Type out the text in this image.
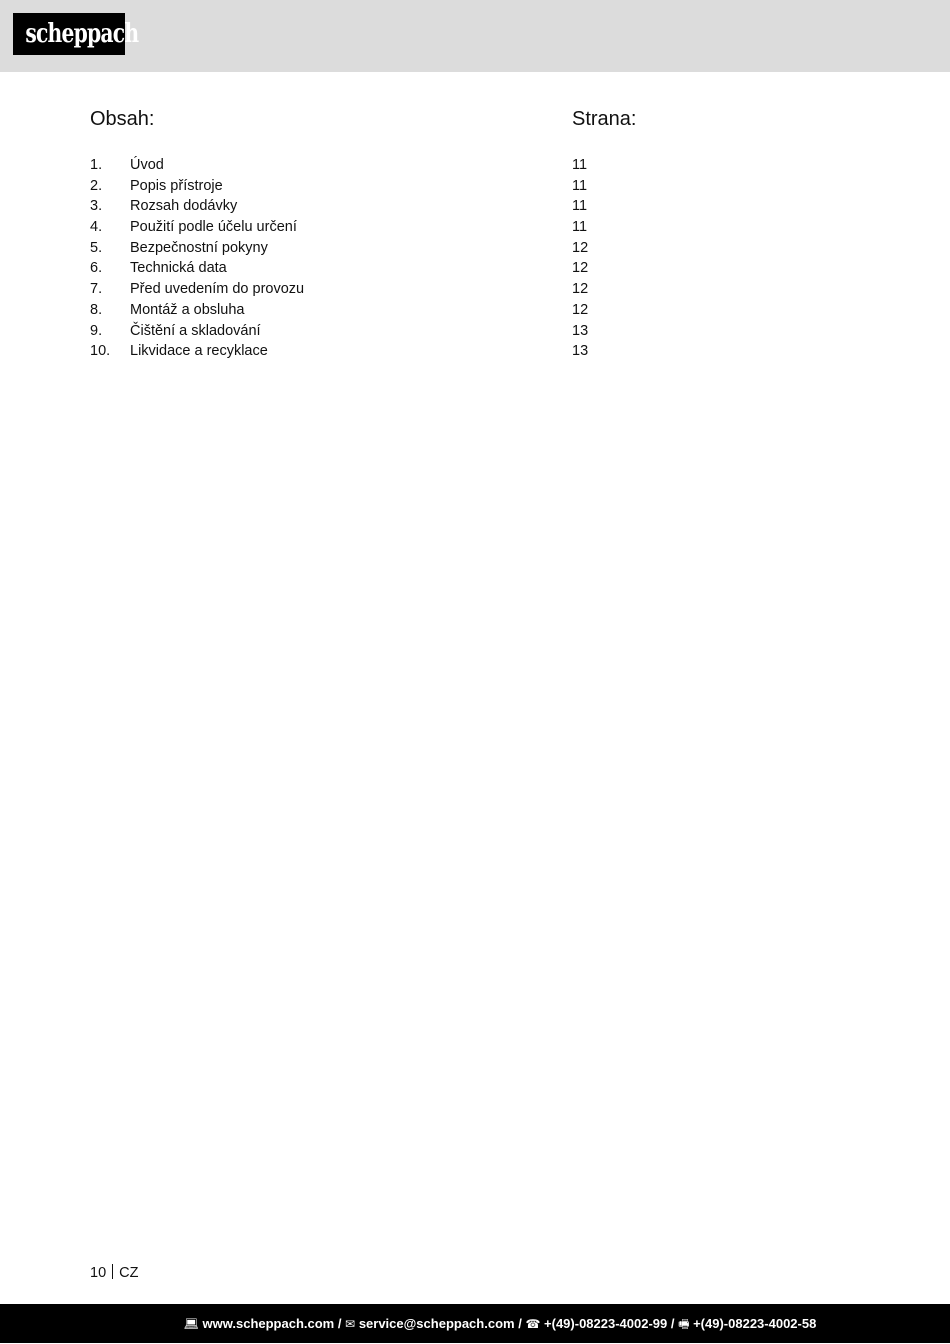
scheppach
Obsah:	Strana:
1. Úvod	11
2. Popis přístroje	11
3. Rozsah dodávky	11
4. Použití podle účelu určení	11
5. Bezpečnostní pokyny	12
6. Technická data	12
7. Před uvedením do provozu	12
8. Montáž a obsluha	12
9. Čištění a skladování	13
10. Likvidace a recyklace	13
10 CZ
💻︎ www.scheppach.com / ✉︎ service@scheppach.com / ☎︎ +(49)-08223-4002-99 / 🖷︎ +(49)-08223-4002-58
